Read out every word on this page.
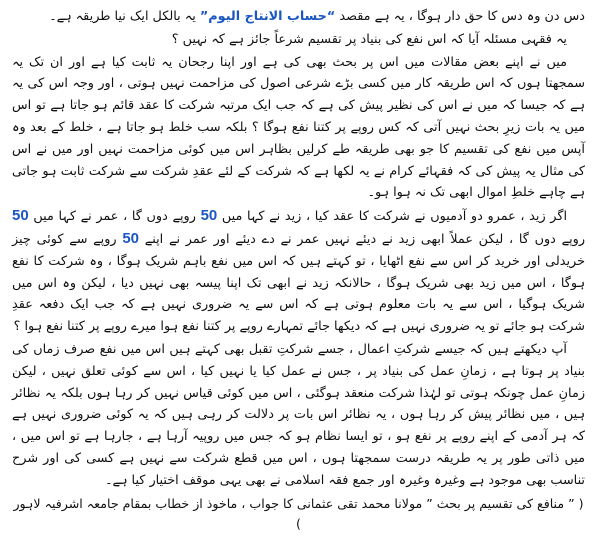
دس دن وہ دس کا حق دار ہوگا ، یہ ہے مقصد “حساب الانتاج الیوم” یہ بالکل ایک نیا طریقہ ہے۔

یہ فقہی مسئلہ آیا کہ اس نفع کی بنیاد پر تقسیم شرعاً جائز ہے کہ نہیں ؟

میں نے اپنے بعض مقالات میں اس پر بحث بھی کی ہے اور اپنا رجحان یہ ثابت کیا ہے اور ان تک یہ سمجھتا ہوں کہ اس طریقہ کار میں کسی بڑے شرعی اصول کی مزاحمت نہیں ہوتی ، اور وجہ اس کی یہ ہے کہ جیسا کہ میں نے اس کی نظیر پیش کی ہے کہ جب ایک مرتبہ شرکت کا عقد قائم ہو جاتا ہے تو اس میں یہ بات زیرِ بحث نہیں آتی کہ کس روپے پر کتنا نفع ہوگا ؟ بلکہ سب خلط ہو جاتا ہے ، خلط کے بعد وہ آپس میں نفع کی تقسیم کا جو بھی طریقہ طے کرلیں بظاہر اس میں کوئی مزاحمت نہیں اور میں نے اس کی مثال یہ پیش کی کہ فقہائے کرام نے یہ لکھا ہے کہ شرکت کے لئے عقدِ شرکت سے شرکت ثابت ہو جاتی ہے چاہے خلطِ اموال ابھی تک نہ ہوا ہو۔

اگر زید ، عمرو دو آدمیوں نے شرکت کا عقد کیا ، زید نے کہا میں 50 روپے دوں گا ، عمر نے کہا میں 50 روپے دوں گا ، لیکن عملاً ابھی زید نے دیئے نہیں عمر نے دے دیئے اور عمر نے اپنے 50 روپے سے کوئی چیز خریدلی اور خرید کر اس سے نفع اٹھایا ، تو کہتے ہیں کہ اس میں نفع باہم شریک ہوگا ، وہ شرکت کا نفع ہوگا ، اس میں زید بھی شریک ہوگا ، حالانکہ زید نے ابھی تک اپنا پیسہ بھی نہیں دیا ، لیکن وہ اس میں شریک ہوگیا ، اس سے یہ بات معلوم ہوتی ہے کہ اس سے یہ ضروری نہیں ہے کہ جب ایک دفعہ عقدِ شرکت ہو جائے تو یہ ضروری نہیں ہے کہ دیکھا جائے تمہارے روپے پر کتنا نفع ہوا میرے روپے پر کتنا نفع ہوا ؟

آپ دیکھتے ہیں کہ جیسے شرکتِ اعمال ، جسے شرکتِ تقبل بھی کہتے ہیں اس میں نفع صرف زماں کی بنیاد پر ہوتا ہے ، زمانِ عمل کی بنیاد پر ، جس نے عمل کیا یا نہیں کیا ، اس سے کوئی تعلق نہیں ، لیکن زمانِ عمل چونکہ ہوتی تو لہٰذا شرکت منعقد ہوگئی ، اس میں کوئی قیاس نہیں کر رہا ہوں بلکہ یہ نظائر ہیں ، میں نظائر پیش کر رہا ہوں ، یہ نظائر اس بات پر دلالت کر رہی ہیں کہ یہ کوئی ضروری نہیں ہے کہ ہر آدمی کے اپنے روپے پر نفع ہو ، تو ایسا نظام ہو کہ جس میں روپیہ آرہا ہے ، جارہا ہے تو اس میں ، میں ذاتی طور پر یہ طریقہ درست سمجھتا ہوں ، اس میں قطع شرکت سے نہیں ہے کسی کی اور شرح تناسب بھی موجود ہے وغیرہ وغیرہ اور جمع فقہ اسلامی نے بھی یہی موقف اختیار کیا ہے۔

( ” منافع کی تقسیم پر بحث ” مولانا محمد تقی عثمانی کا جواب ، ماخوذ از خطاب بمقام جامعہ اشرفیہ لاہور )
